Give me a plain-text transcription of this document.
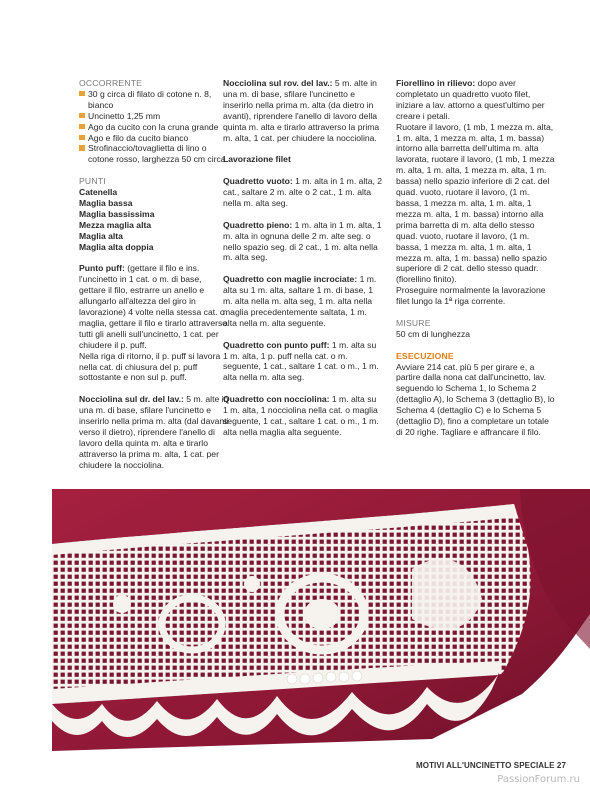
OCCORRENTE

30 g circa di filato di cotone n. 8, bianco
Uncinetto 1,25 mm
Ago da cucito con la cruna grande
Ago e filo da cucito bianco
Strofinaccio/tovaglietta di lino o cotone rosso, larghezza 50 cm circa

PUNTI

Catenella

Maglia bassa

Maglia bassissima

Mezza maglia alta

Maglia alta

Maglia alta doppia

Punto puff: (gettare il filo e ins. l'uncinetto in 1 cat. o m. di base, gettare il filo, estrarre un anello e allungarlo all'altezza del giro in lavorazione) 4 volte nella stessa cat. o maglia, gettare il filo e tirarlo attraverso tutti gli anelli sull'uncinetto, 1 cat. per chiudere il p. puff.

Nella riga di ritorno, il p. puff si lavora nella cat. di chiusura del p. puff sottostante e non sul p. puff.

Nocciolina sul dr. del lav.: 5 m. alte in una m. di base, sfilare l'uncinetto e inserirlo nella prima m. alta (dal davanti verso il dietro), riprendere l'anello di lavoro della quinta m. alta e tirarlo attraverso la prima m. alta, 1 cat. per chiudere la nocciolina.

Nocciolina sul rov. del lav.: 5 m. alte in una m. di base, sfilare l'uncinetto e inserirlo nella prima m. alta (da dietro in avanti), riprendere l'anello di lavoro della quinta m. alta e tirarlo attraverso la prima m. alta, 1 cat. per chiudere la nocciolina.

Lavorazione filet

Quadretto vuoto: 1 m. alta in 1 m. alta, 2 cat., saltare 2 m. alte o 2 cat., 1 m. alta nella m. alta seg.

Quadretto pieno: 1 m. alta in 1 m. alta, 1 m. alta in ognuna delle 2 m. alte seg. o nello spazio seg. di 2 cat., 1 m. alta nella m. alta seg.

Quadretto con maglie incrociate: 1 m. alta su 1 m. alta, saltare 1 m. di base, 1 m. alta nella m. alta seg, 1 m. alta nella maglia precedentemente saltata, 1 m. alta nella m. alta seguente.

Quadretto con punto puff: 1 m. alta su 1 m. alta, 1 p. puff nella cat. o m. seguente, 1 cat., saltare 1 cat. o m., 1 m. alta nella m. alta seg.

Quadretto con nocciolina: 1 m. alta su 1 m. alta, 1 nocciolina nella cat. o maglia seguente, 1 cat., saltare 1 cat. o m., 1 m. alta nella maglia alta seguente.

Fiorellino in rilievo: dopo aver completato un quadretto vuoto filet, iniziare a lav. attorno a quest'ultimo per creare i petali.

Ruotare il lavoro, (1 mb, 1 mezza m. alta, 1 m. alta, 1 mezza m. alta, 1 m. bassa) intorno alla barretta dell'ultima m. alta lavorata, ruotare il lavoro, (1 mb, 1 mezza m. alta, 1 m. alta, 1 mezza m. alta, 1 m. bassa) nello spazio inferiore di 2 cat. del quad. vuoto, ruotare il lavoro, (1 m. bassa, 1 mezza m. alta, 1 m. alta, 1 mezza m. alta, 1 m. bassa) intorno alla prima barretta di m. alta dello stesso quad. vuoto, ruotare il lavoro, (1 m. bassa, 1 mezza m. alta, 1 m. alta, 1 mezza m. alta, 1 m. bassa) nello spazio superiore di 2 cat. dello stesso quadr. (fiorellino finito).

Proseguire normalmente la lavorazione filet lungo la 1ª riga corrente.

MISURE

50 cm di lunghezza

ESECUZIONE

Avviare 214 cat. più 5 per girare e, a partire dalla nona cat dall'uncinetto, lav. seguendo lo Schema 1, lo Schema 2 (dettaglio A), lo Schema 3 (dettaglio B), lo Schema 4 (dettaglio C) e lo Schema 5 (dettaglio D), fino a completare un totale di 20 righe. Tagliare e affrancare il filo.

MOTIVI ALL'UNCINETTO SPECIALE 27
PassionForum.ru
